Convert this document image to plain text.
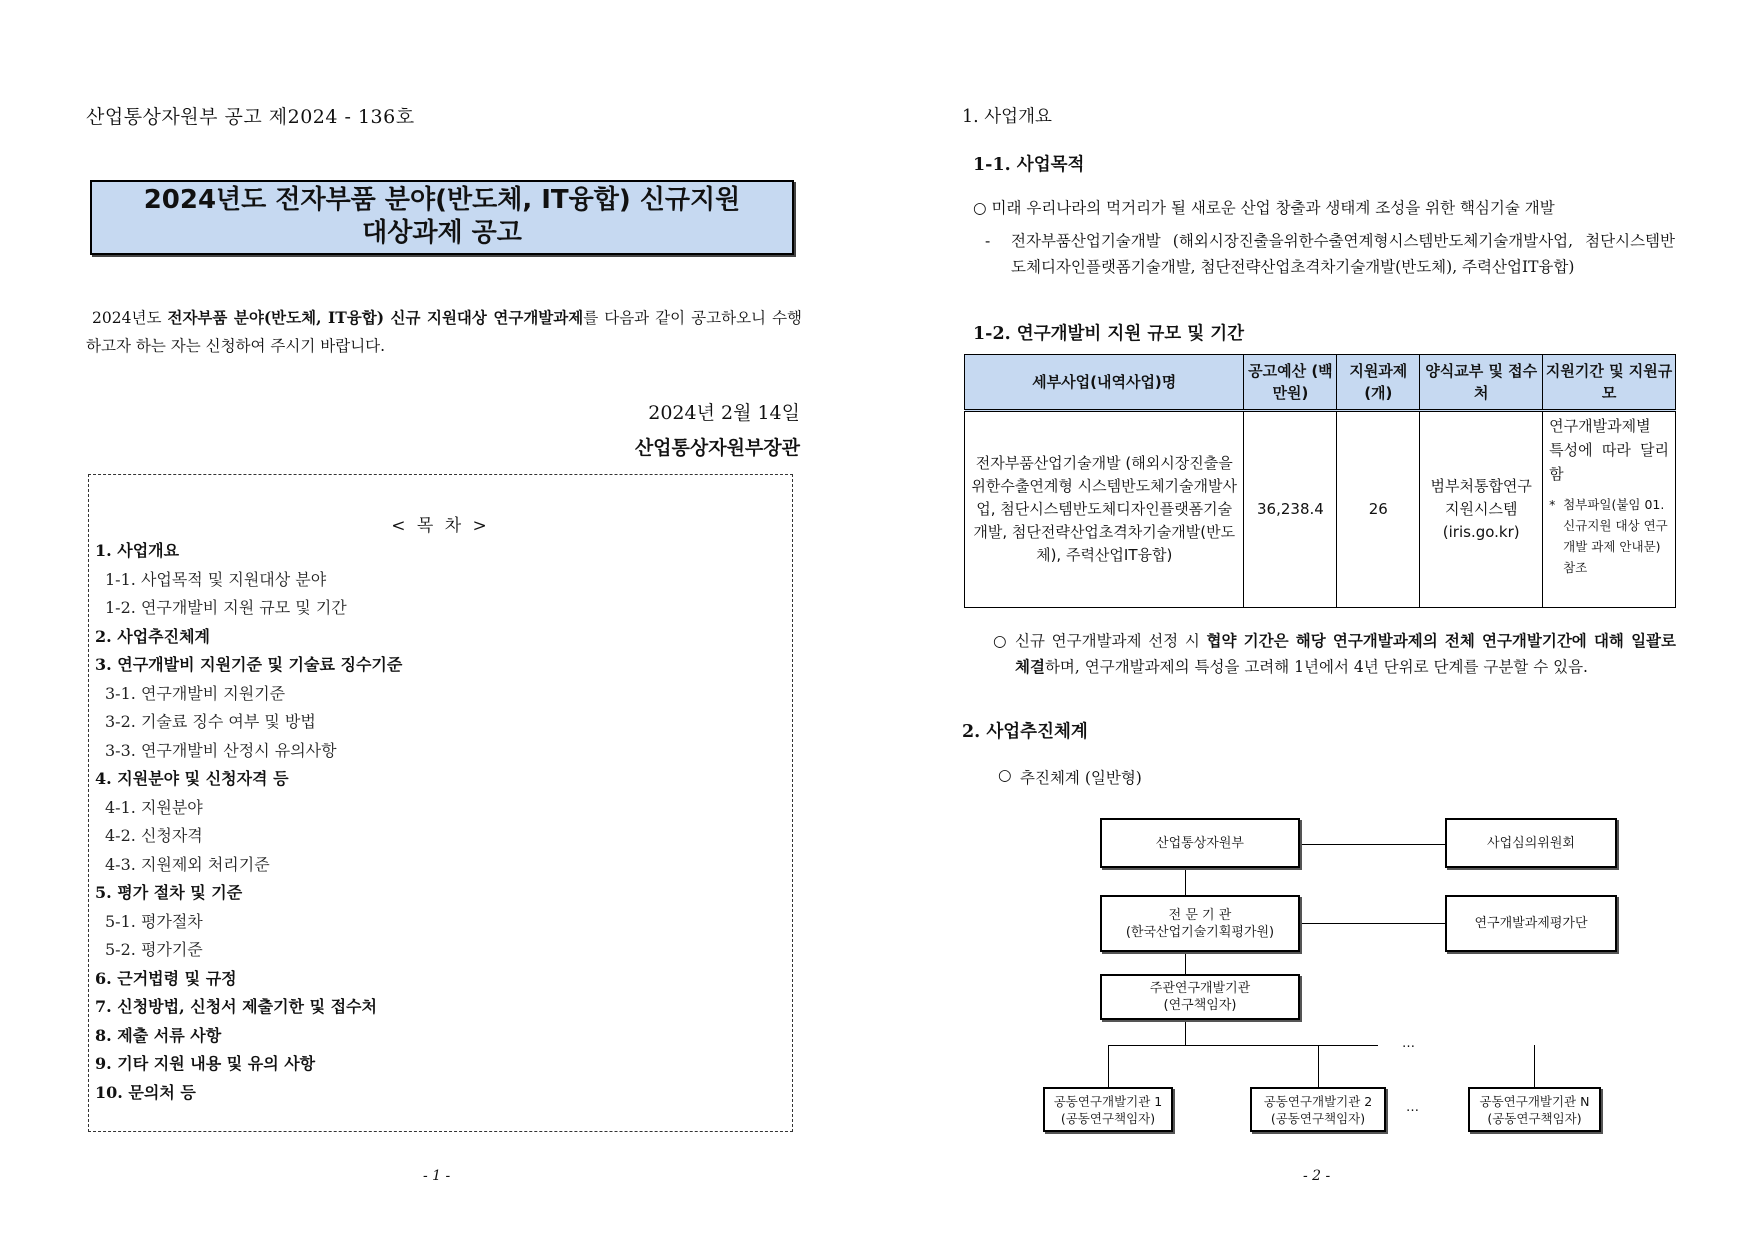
산업통상자원부 공고 제2024 - 136호
2024년도 전자부품 분야(반도체, IT융합) 신규지원
대상과제 공고
2024년도 전자부품 분야(반도체, IT융합) 신규 지원대상 연구개발과제를 다음과 같이 공고하오니 수행하고자 하는 자는 신청하여 주시기 바랍니다.
2024년 2월 14일
산업통상자원부장관
< 목 차 >
1. 사업개요
1-1. 사업목적 및 지원대상 분야
1-2. 연구개발비 지원 규모 및 기간
2. 사업추진체계
3. 연구개발비 지원기준 및 기술료 징수기준
3-1. 연구개발비 지원기준
3-2. 기술료 징수 여부 및 방법
3-3. 연구개발비 산정시 유의사항
4. 지원분야 및 신청자격 등
4-1. 지원분야
4-2. 신청자격
4-3. 지원제외 처리기준
5. 평가 절차 및 기준
5-1. 평가절차
5-2. 평가기준
6. 근거법령 및 규정
7. 신청방법, 신청서 제출기한 및 접수처
8. 제출 서류 사항
9. 기타 지원 내용 및 유의 사항
10. 문의처 등
- 1 -
1. 사업개요
1-1. 사업목적
○ 미래 우리나라의 먹거리가 될 새로운 산업 창출과 생태계 조성을 위한 핵심기술 개발
-	전자부품산업기술개발 (해외시장진출을위한수출연계형시스템반도체기술개발사업, 첨단시스템반도체디자인플랫폼기술개발, 첨단전략산업초격차기술개발(반도체), 주력산업IT융합)
1-2. 연구개발비 지원 규모 및 기간
세부사업(내역사업)명	공고예산 (백만원)	지원과제 (개)	양식교부 및 접수처	지원기간 및 지원규모
전자부품산업기술개발 (해외시장진출을위한수출연계형 시스템반도체기술개발사업, 첨단시스템반도체디자인플랫폼기술개발, 첨단전략산업초격차기술개발(반도체), 주력산업IT융합)	36,238.4	26	범부처통합연구지원시스템 (iris.go.kr)	연구개발과제별 특성에 따라 달리함
* 첨부파일(붙임 01. 신규지원 대상 연구개발 과제 안내문) 참조
○ 신규 연구개발과제 선정 시 협약 기간은 해당 연구개발과제의 전체 연구개발기간에 대해 일괄로 체결하며, 연구개발과제의 특성을 고려해 1년에서 4년 단위로 단계를 구분할 수 있음.
2. 사업추진체계
○ 추진체계 (일반형)
산업통상자원부	사업심의위원회
전 문 기 관
(한국산업기술기획평가원)
연구개발과제평가단
주관연구개발기관
(연구책임자)
공동연구개발기관 1
(공동연구책임자)
공동연구개발기관 2
(공동연구책임자)
공동연구개발기관 N
(공동연구책임자)
…
…
- 2 -
